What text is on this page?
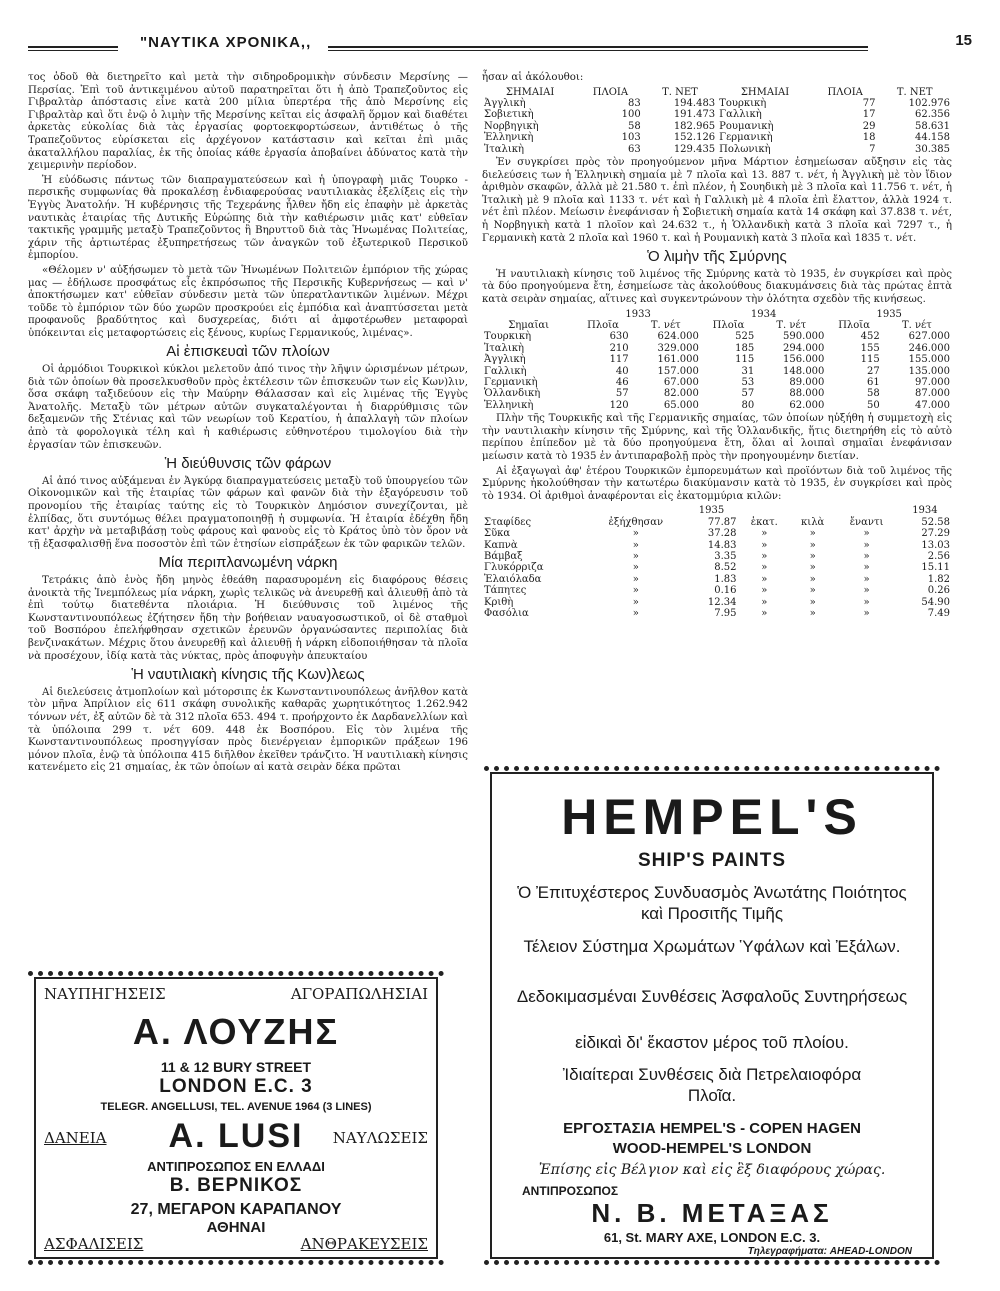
"ΝΑΥΤΙΚΑ ΧΡΟΝΙΚΑ,,	15

τος ὁδοῦ θὰ διετηρεῖτο καὶ μετὰ τὴν σιδηροδρομικὴν σύνδεσιν Μερσίνης — Περσίας. Ἐπὶ τοῦ ἀντικειμένου αὐτοῦ παρατηρεῖται ὅτι ἡ ἀπὸ Τραπεζοῦντος εἰς Γιβραλτὰρ ἀπόστασις εἶνε κατὰ 200 μίλια ὑπερτέρα τῆς ἀπὸ Μερσίνης εἰς Γιβραλτὰρ καὶ ὅτι ἐνῷ ὁ λιμὴν τῆς Μερσίνης κεῖται εἰς ἀσφαλῆ ὅρμον καὶ διαθέτει ἀρκετὰς εὐκολίας διὰ τὰς ἐργασίας φορτοεκφορτώσεων, ἀντιθέτως ὁ τῆς Τραπεζοῦντος εὑρίσκεται εἰς ἀρχέγονον κατάστασιν καὶ κεῖται ἐπὶ μιᾶς ἀκαταλλήλου παραλίας, ἐκ τῆς ὁποίας κάθε ἐργασία ἀποβαίνει ἀδύνατος κατὰ τὴν χειμερινὴν περίοδον.

Ἡ εὐόδωσις πάντως τῶν διαπραγματεύσεων καὶ ἡ ὑπογραφὴ μιᾶς Τουρκο - περσικῆς συμφωνίας θὰ προκαλέσῃ ἐνδιαφερούσας ναυτιλιακὰς ἐξελίξεις εἰς τὴν Ἐγγὺς Ἀνατολήν. Ἡ κυβέρνησις τῆς Τεχεράνης ἦλθεν ἤδη εἰς ἐπαφὴν μὲ ἀρκετὰς ναυτικὰς ἑταιρίας τῆς Δυτικῆς Εὐρώπης διὰ τὴν καθιέρωσιν μιᾶς κατ' εὐθεῖαν τακτικῆς γραμμῆς μεταξὺ Τραπεζοῦντος ἢ Βηρυττοῦ διὰ τὰς Ἡνωμένας Πολιτείας, χάριν τῆς ἀρτιωτέρας ἐξυπηρετήσεως τῶν ἀναγκῶν τοῦ ἐξωτερικοῦ Περσικοῦ ἐμπορίου.

«Θέλομεν ν' αὐξήσωμεν τὸ μετὰ τῶν Ἡνωμένων Πολιτειῶν ἐμπόριον τῆς χώρας μας — ἐδήλωσε προσφάτως εἷς ἐκπρόσωπος τῆς Περσικῆς Κυβερνήσεως — καὶ ν' ἀποκτήσωμεν κατ' εὐθεῖαν σύνδεσιν μετὰ τῶν ὑπερατλαντικῶν λιμένων. Μέχρι τοῦδε τὸ ἐμπόριον τῶν δύο χωρῶν προσκρούει εἰς ἐμπόδια καὶ ἀναπτύσσεται μετὰ προφανοῦς βραδύτητος καὶ δυσχερείας, διότι αἱ ἀμφοτέρωθεν μεταφοραὶ ὑπόκεινται εἰς μεταφορτώσεις εἰς ξένους, κυρίως Γερμανικούς, λιμένας».

Αἱ ἐπισκευαὶ τῶν πλοίων

Οἱ ἁρμόδιοι Τουρκικοὶ κύκλοι μελετοῦν ἀπό τινος τὴν λῆψιν ὡρισμένων μέτρων, διὰ τῶν ὁποίων θὰ προσελκυσθοῦν πρὸς ἐκτέλεσιν τῶν ἐπισκευῶν των εἰς Κων)λιν, ὅσα σκάφη ταξιδεύουν εἰς τὴν Μαύρην Θάλασσαν καὶ εἰς λιμένας τῆς Ἐγγὺς Ἀνατολῆς. Μεταξὺ τῶν μέτρων αὐτῶν συγκαταλέγονται ἡ διαρρύθμισις τῶν δεξαμενῶν τῆς Στένιας καὶ τῶν νεωρίων τοῦ Κερατίου, ἡ ἀπαλλαγὴ τῶν πλοίων ἀπὸ τὰ φορολογικὰ τέλη καὶ ἡ καθιέρωσις εὐθηνοτέρου τιμολογίου διὰ τὴν ἐργασίαν τῶν ἐπισκευῶν.

Ἡ διεύθυνσις τῶν φάρων

Αἱ ἀπό τινος αὐξάμεναι ἐν Ἀγκύρᾳ διαπραγματεύσεις μεταξὺ τοῦ ὑπουργείου τῶν Οἰκονομικῶν καὶ τῆς ἑταιρίας τῶν φάρων καὶ φανῶν διὰ τὴν ἐξαγόρευσιν τοῦ προνομίου τῆς ἑταιρίας ταύτης εἰς τὸ Τουρκικὸν Δημόσιον συνεχίζονται, μὲ ἐλπίδας, ὅτι συντόμως θέλει πραγματοποιηθῇ ἡ συμφωνία. Ἡ ἑταιρία ἐδέχθη ἤδη κατ' ἀρχὴν νὰ μεταβιβάσῃ τοὺς φάρους καὶ φανοὺς εἰς τὸ Κράτος ὑπὸ τὸν ὅρον νὰ τῇ ἐξασφαλισθῇ ἕνα ποσοστὸν ἐπὶ τῶν ἐτησίων εἰσπράξεων ἐκ τῶν φαρικῶν τελῶν.

Μία περιπλανωμένη νάρκη

Τετράκις ἀπὸ ἑνὸς ἤδη μηνὸς ἐθεάθη παρασυρομένη εἰς διαφόρους θέσεις ἀνοικτὰ τῆς Ἰνεμπόλεως μία νάρκη, χωρὶς τελικῶς νὰ ἀνευρεθῇ καὶ ἁλιευθῇ ἀπὸ τὰ ἐπὶ τούτῳ διατεθέντα πλοιάρια. Ἡ διεύθυνσις τοῦ λιμένος τῆς Κωνσταντινουπόλεως ἐζήτησεν ἤδη τὴν βοήθειαν ναυαγοσωστικοῦ, οἱ δὲ σταθμοὶ τοῦ Βοσπόρου ἐπελήφθησαν σχετικῶν ἐρευνῶν ὀργανώσαντες περιπολίας διὰ βενζινακάτων. Μέχρις ὅτου ἀνευρεθῇ καὶ ἁλιευθῇ ἡ νάρκη εἰδοποιήθησαν τὰ πλοῖα νὰ προσέχουν, ἰδίᾳ κατὰ τὰς νύκτας, πρὸς ἀποφυγὴν ἀπευκταίου

Ἡ ναυτιλιακὴ κίνησις τῆς Κων)λεως

Αἱ διελεύσεις ἀτμοπλοίων καὶ μότορσιπς ἐκ Κωνσταντινουπόλεως ἀνῆλθον κατὰ τὸν μῆνα Ἀπρίλιον εἰς 611 σκάφη συνολικῆς καθαρᾶς χωρητικότητος 1.262.942 τόννων νέτ, ἐξ αὐτῶν δὲ τὰ 312 πλοῖα 653. 494 τ. προήρχοντο ἐκ Δαρδανελλίων καὶ τὰ ὑπόλοιπα 299 τ. νέτ 609. 448 ἐκ Βοσπόρου. Εἰς τὸν λιμένα τῆς Κωνσταντινουπόλεως προσηγγίσαν πρὸς διενέργειαν ἐμπορικῶν πράξεων 196 μόνον πλοῖα, ἐνῷ τὰ ὑπόλοιπα 415 διῆλθον ἐκεῖθεν τράνζιτο. Ἡ ναυτιλιακὴ κίνησις κατενέμετο εἰς 21 σημαίας, ἐκ τῶν ὁποίων αἱ κατὰ σειρὰν δέκα πρῶται

ἦσαν αἱ ἀκόλουθοι:

ΣΗΜΑΙΑΙ	ΠΛΟΙΑ	Τ. ΝΕΤ	ΣΗΜΑΙΑΙ	ΠΛΟΙΑ	Τ. ΝΕΤ
Ἀγγλικὴ	83	194.483	Τουρκικὴ	77	102.976
Σοβιετικὴ	100	191.473	Γαλλικὴ	17	62.356
Νορβηγικὴ	58	182.965	Ρουμανικὴ	29	58.631
Ἑλληνικὴ	103	152.126	Γερμανικὴ	18	44.158
Ἰταλικὴ	63	129.435	Πολωνικὴ	7	30.385

Ἐν συγκρίσει πρὸς τὸν προηγούμενον μῆνα Μάρτιον ἐσημείωσαν αὔξησιν εἰς τὰς διελεύσεις των ἡ Ἑλληνικὴ σημαία μὲ 7 πλοῖα καὶ 13. 887 τ. νέτ, ἡ Ἀγγλικὴ μὲ τὸν ἴδιον ἀριθμὸν σκαφῶν, ἀλλὰ μὲ 21.580 τ. ἐπὶ πλέον, ἡ Σουηδικὴ μὲ 3 πλοῖα καὶ 11.756 τ. νέτ, ἡ Ἰταλικὴ μὲ 9 πλοῖα καὶ 1133 τ. νέτ καὶ ἡ Γαλλικὴ μὲ 4 πλοῖα ἐπὶ ἔλαττον, ἀλλὰ 1924 τ. νέτ ἐπὶ πλέον. Μείωσιν ἐνεφάνισαν ἡ Σοβιετικὴ σημαία κατὰ 14 σκάφη καὶ 37.838 τ. νέτ, ἡ Νορβηγικὴ κατὰ 1 πλοῖον καὶ 24.632 τ., ἡ Ὁλλανδικὴ κατὰ 3 πλοῖα καὶ 7297 τ., ἡ Γερμανικὴ κατὰ 2 πλοῖα καὶ 1960 τ. καὶ ἡ Ρουμανικὴ κατὰ 3 πλοῖα καὶ 1835 τ. νέτ.

Ὁ λιμὴν τῆς Σμύρνης

Ἡ ναυτιλιακὴ κίνησις τοῦ λιμένος τῆς Σμύρνης κατὰ τὸ 1935, ἐν συγκρίσει καὶ πρὸς τὰ δύο προηγούμενα ἔτη, ἐσημείωσε τὰς ἀκολούθους διακυμάνσεις διὰ τὰς πρώτας ἑπτὰ κατὰ σειρὰν σημαίας, αἵτινες καὶ συγκεντρώνουν τὴν ὁλότητα σχεδὸν τῆς κινήσεως.

	1933		1934		1935	
Σημαῖαι	Πλοῖα	Τ. νέτ	Πλοῖα	Τ. νέτ	Πλοῖα	Τ. νέτ
Τουρκικὴ	630	624.000	525	590.000	452	627.000
Ἰταλικὴ	210	329.000	185	294.000	155	246.000
Ἀγγλικὴ	117	161.000	115	156.000	115	155.000
Γαλλικὴ	40	157.000	31	148.000	27	135.000
Γερμανικὴ	46	67.000	53	89.000	61	97.000
Ὁλλανδικὴ	57	82.000	57	88.000	58	87.000
Ἑλληνικὴ	120	65.000	80	62.000	50	47.000

Πλὴν τῆς Τουρκικῆς καὶ τῆς Γερμανικῆς σημαίας, τῶν ὁποίων ηὐξήθη ἡ συμμετοχὴ εἰς τὴν ναυτιλιακὴν κίνησιν τῆς Σμύρνης, καὶ τῆς Ὁλλανδικῆς, ἥτις διετηρήθη εἰς τὸ αὐτὸ περίπου ἐπίπεδον μὲ τὰ δύο προηγούμενα ἔτη, ὅλαι αἱ λοιπαὶ σημαῖαι ἐνεφάνισαν μείωσιν κατὰ τὸ 1935 ἐν ἀντιπαραβολῇ πρὸς τὴν προηγουμένην διετίαν.

Αἱ ἐξαγωγαὶ ἀφ' ἑτέρου Τουρκικῶν ἐμπορευμάτων καὶ προϊόντων διὰ τοῦ λιμένος τῆς Σμύρνης ἠκολούθησαν τὴν κατωτέρω διακύμανσιν κατὰ τὸ 1935, ἐν συγκρίσει καὶ πρὸς τὸ 1934. Οἱ ἀριθμοὶ ἀναφέρονται εἰς ἑκατομμύρια κιλῶν:

		1935				1934
Σταφίδες	ἐξήχθησαν	77.87	ἑκατ.	κιλὰ	ἔναντι	52.58
Σῦκα	»	37.28	»	»	»	27.29
Καπνὰ	»	14.83	»	»	»	13.03
Βάμβαξ	»	3.35	»	»	»	2.56
Γλυκόρριζα	»	8.52	»	»	»	15.11
Ἐλαιόλαδα	»	1.83	»	»	»	1.82
Τάπητες	»	0.16	»	»	»	0.26
Κριθὴ	»	12.34	»	»	»	54.90
Φασόλια	»	7.95	»	»	»	7.49
ΝΑΥΠΗΓΗΣΕΙΣ	ΑΓΟΡΑΠΩΛΗΣΙΑΙ
Α. ΛΟΥΖΗΣ
11 & 12 BURY STREET
LONDON E.C. 3
TELEGR. ANGELLUSI, TEL. AVENUE 1964 (3 LINES)
ΔΑΝΕΙΑ	A. LUSI	ΝΑΥΛΩΣΕΙΣ
ΑΝΤΙΠΡΟΣΩΠΟΣ ΕΝ ΕΛΛΑΔΙ
Β. ΒΕΡΝΙΚΟΣ
27, ΜΕΓΑΡΟΝ ΚΑΡΑΠΑΝΟΥ
ΑΘΗΝΑΙ
ΑΣΦΑΛΙΣΕΙΣ	ΑΝΘΡΑΚΕΥΣΕΙΣ
HEMPEL'S
SHIP'S PAINTS
Ὁ Ἐπιτυχέστερος Συνδυασμὸς Ἀνωτάτης Ποιότητος καὶ Προσιτῆς Τιμῆς
Τέλειον Σύστημα Χρωμάτων Ὑφάλων καὶ Ἐξάλων.
Δεδοκιμασμέναι Συνθέσεις Ἀσφαλοῦς Συντηρήσεως
εἰδικαὶ δι' ἕκαστον μέρος τοῦ πλοίου.
Ἰδιαίτεραι Συνθέσεις διὰ Πετρελαιοφόρα Πλοῖα.
ΕΡΓΟΣΤΑΣΙΑ HEMPEL'S - COPEN HAGEN
WOOD-HEMPEL'S LONDON
Ἐπίσης εἰς Βέλγιον καὶ εἰς ἓξ διαφόρους χώρας.
ΑΝΤΙΠΡΟΣΩΠΟΣ
Ν. Β. ΜΕΤΑΞΑΣ
61, St. MARY AXE, LONDON E.C. 3.
Τηλεγραφήματα: AHEAD-LONDON
